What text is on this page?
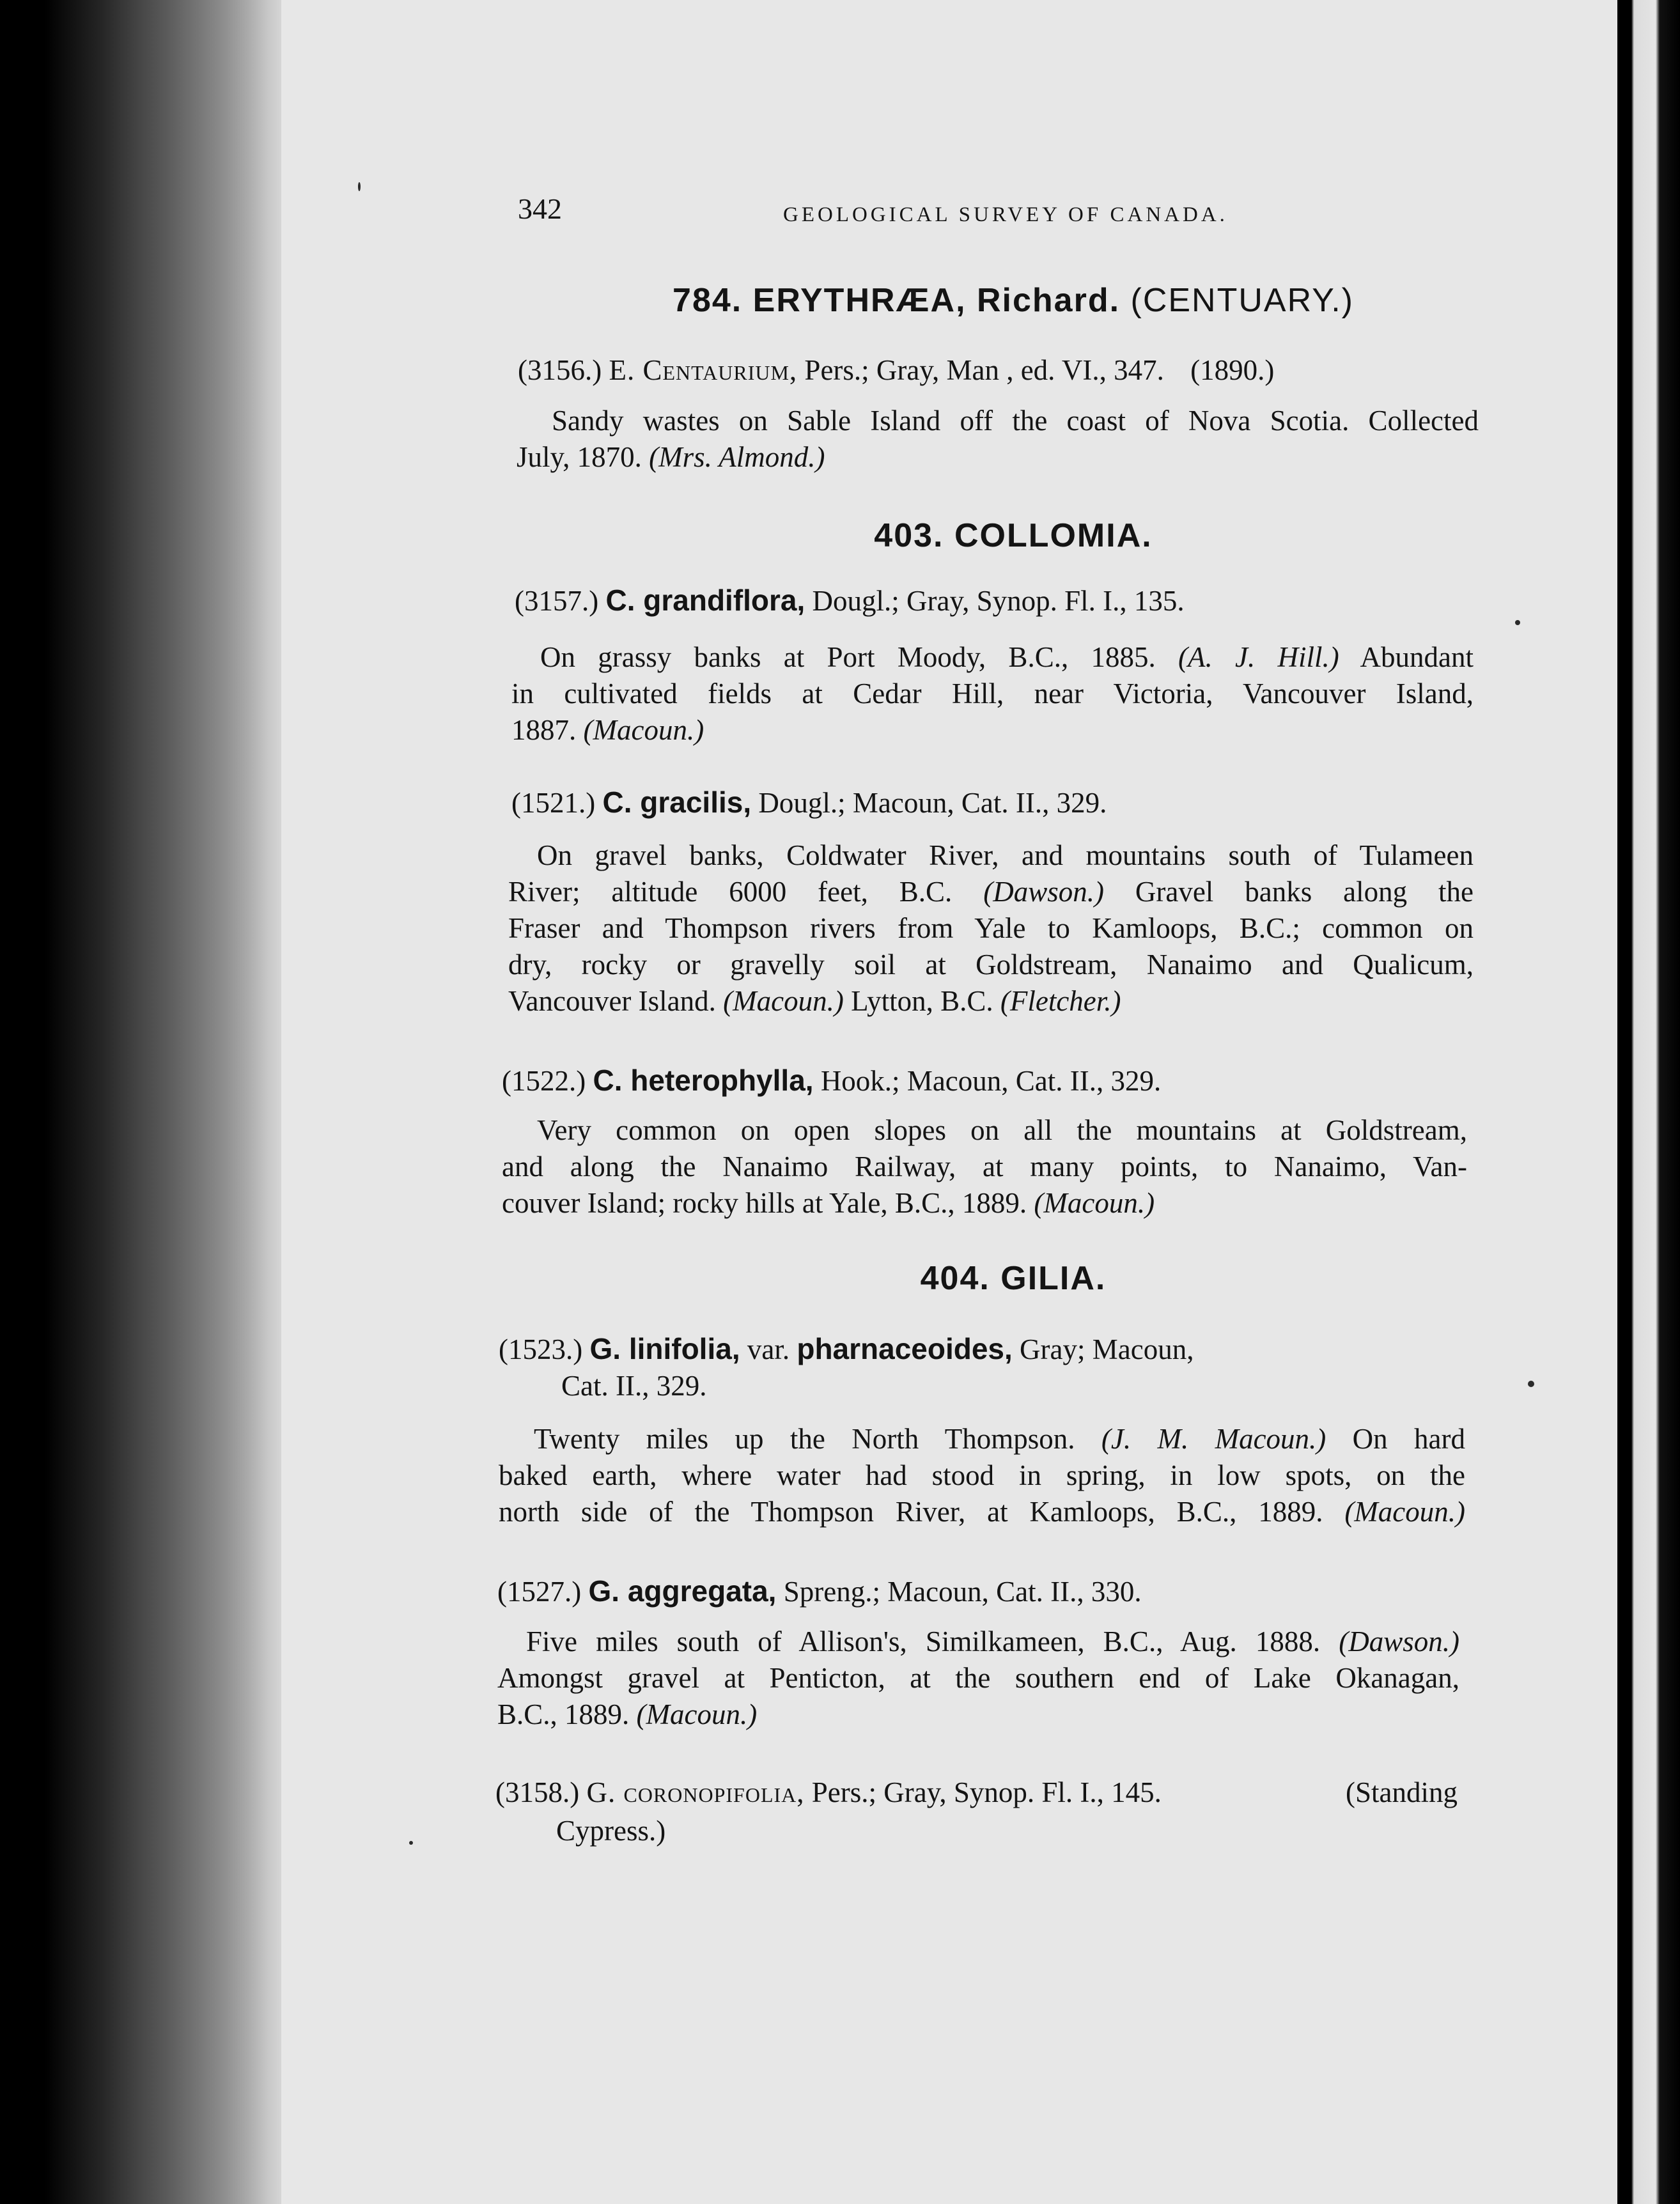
342	GEOLOGICAL SURVEY OF CANADA.

784. ERYTHRÆA, Richard. (CENTUARY.)

(3156.) E. Centaurium, Pers.; Gray, Man , ed. VI., 347. (1890.)

Sandy wastes on Sable Island off the coast of Nova Scotia. Collected
July, 1870. (Mrs. Almond.)

403. COLLOMIA.

(3157.) C. grandiflora, Dougl.; Gray, Synop. Fl. I., 135.

On grassy banks at Port Moody, B.C., 1885. (A. J. Hill.) Abundant
in cultivated fields at Cedar Hill, near Victoria, Vancouver Island,
1887. (Macoun.)

(1521.) C. gracilis, Dougl.; Macoun, Cat. II., 329.

On gravel banks, Coldwater River, and mountains south of Tulameen
River; altitude 6000 feet, B.C. (Dawson.) Gravel banks along the
Fraser and Thompson rivers from Yale to Kamloops, B.C.; common on
dry, rocky or gravelly soil at Goldstream, Nanaimo and Qualicum,
Vancouver Island. (Macoun.) Lytton, B.C. (Fletcher.)

(1522.) C. heterophylla, Hook.; Macoun, Cat. II., 329.

Very common on open slopes on all the mountains at Goldstream,
and along the Nanaimo Railway, at many points, to Nanaimo, Van-
couver Island; rocky hills at Yale, B.C., 1889. (Macoun.)

404. GILIA.

(1523.) G. linifolia, var. pharnaceoides, Gray; Macoun,

Cat. II., 329.

Twenty miles up the North Thompson. (J. M. Macoun.) On hard
baked earth, where water had stood in spring, in low spots, on the
north side of the Thompson River, at Kamloops, B.C., 1889. (Macoun.)

(1527.) G. aggregata, Spreng.; Macoun, Cat. II., 330.

Five miles south of Allison's, Similkameen, B.C., Aug. 1888. (Dawson.)
Amongst gravel at Penticton, at the southern end of Lake Okanagan,
B.C., 1889. (Macoun.)

(3158.) G. coronopifolia, Pers.; Gray, Synop. Fl. I., 145.	(Standing

Cypress.)
